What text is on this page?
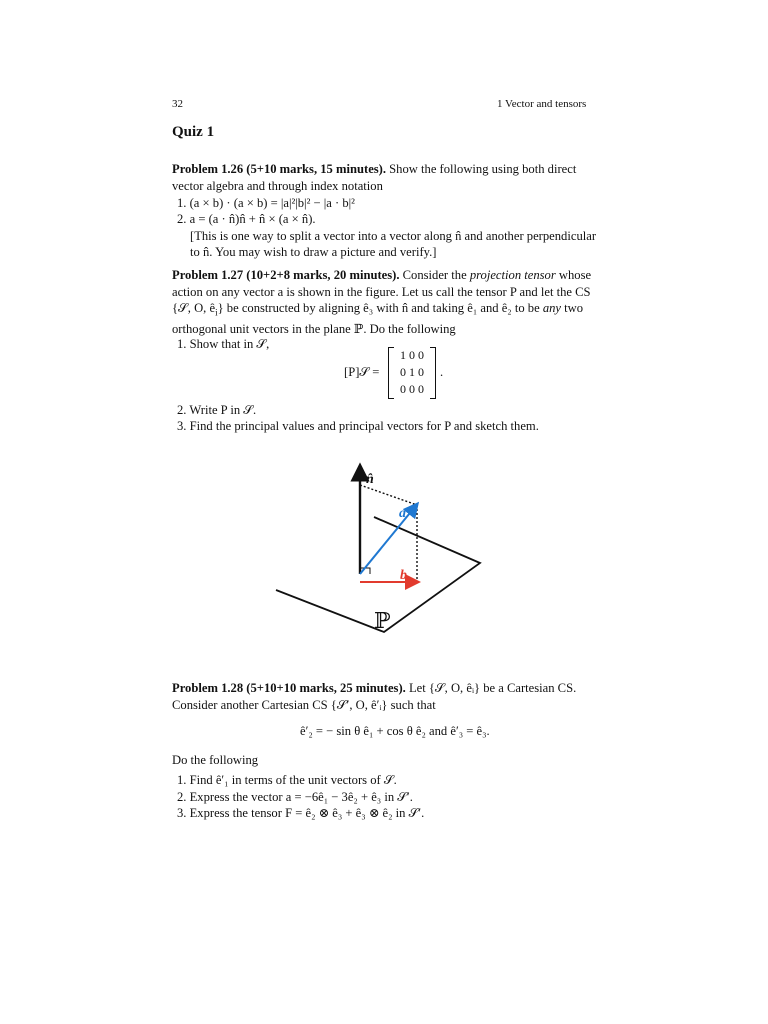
32	1 Vector and tensors
Quiz 1
Problem 1.26 (5+10 marks, 15 minutes). Show the following using both direct
vector algebra and through index notation
1. (a × b) · (a × b) = |a|²|b|² − |a · b|²
2. a = (a · n̂)n̂ + n̂ × (a × n̂).
[This is one way to split a vector into a vector along n̂ and another perpendicular
to n̂. You may wish to draw a picture and verify.]
Problem 1.27 (10+2+8 marks, 20 minutes). Consider the projection tensor whose
action on any vector a is shown in the figure. Let us call the tensor P and let the CS
{𝒮, O, $ê_i$} be constructed by aligning ê₃ with n̂ and taking ê₁ and ê₂ to be any two
orthogonal unit vectors in the plane ℙ. Do the following
1. Show that in 𝒮,
[P]𝒮 =
1 0 0
0 1 0
0 0 0
.
2. Write P in 𝒮.
3. Find the principal values and principal vectors for P and sketch them.
n̂
a
b
ℙ
Problem 1.28 (5+10+10 marks, 25 minutes). Let {𝒮, O, êᵢ} be a Cartesian CS.
Consider another Cartesian CS {𝒮′, O, ê′ᵢ} such that
ê′₂ = − sin θ ê₁ + cos θ ê₂ and ê′₃ = ê₃.
Do the following
1. Find ê′₁ in terms of the unit vectors of 𝒮.
2. Express the vector a = −6ê₁ − 3ê₂ + ê₃ in 𝒮′.
3. Express the tensor F = ê₂ ⊗ ê₃ + ê₃ ⊗ ê₂ in 𝒮′.
